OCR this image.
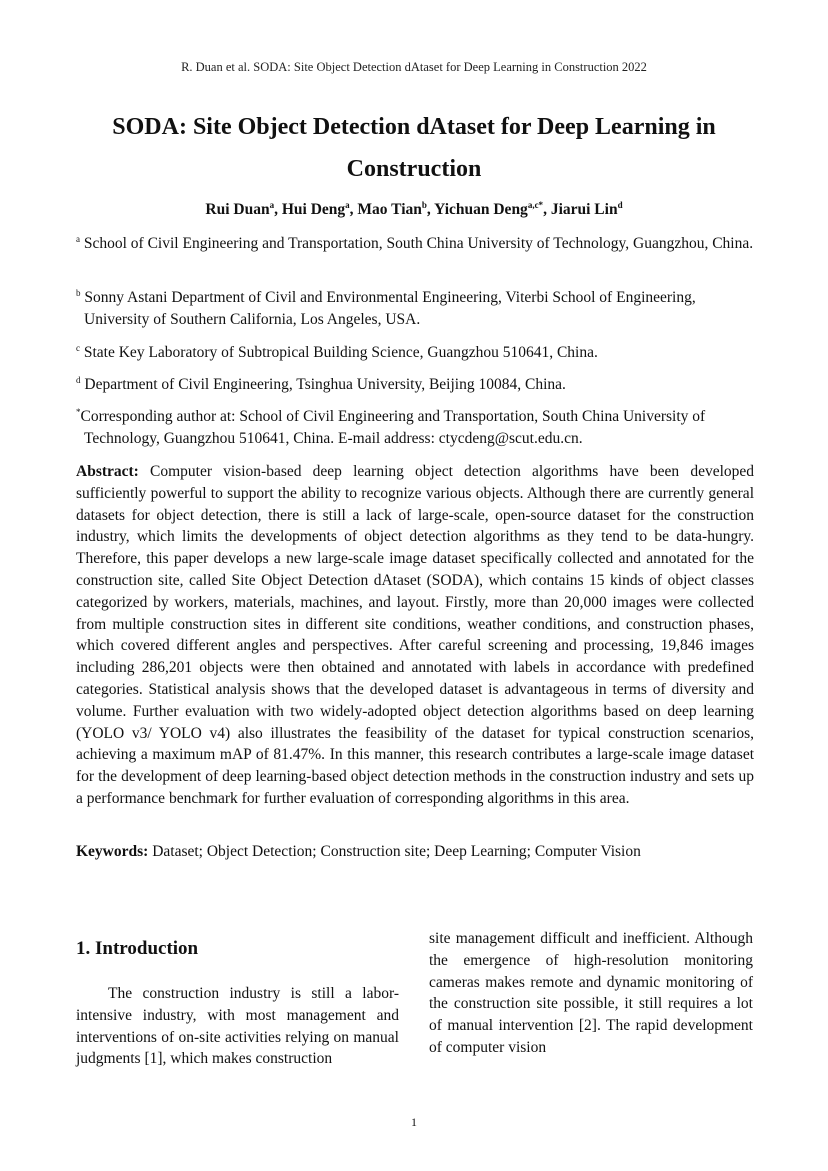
R. Duan et al. SODA: Site Object Detection dAtaset for Deep Learning in Construction 2022
SODA: Site Object Detection dAtaset for Deep Learning in Construction
Rui Duan$^a$, Hui Deng$^a$, Mao Tian$^b$, Yichuan Deng$^{a,c*}$, Jiarui Lin$^d$
$^a$ School of Civil Engineering and Transportation, South China University of Technology, Guangzhou, China.
$^b$ Sonny Astani Department of Civil and Environmental Engineering, Viterbi School of Engineering, University of Southern California, Los Angeles, USA.
$^c$ State Key Laboratory of Subtropical Building Science, Guangzhou 510641, China.
$^d$ Department of Civil Engineering, Tsinghua University, Beijing 10084, China.
*Corresponding author at: School of Civil Engineering and Transportation, South China University of Technology, Guangzhou 510641, China. E-mail address: ctycdeng@scut.edu.cn.

Abstract: Computer vision-based deep learning object detection algorithms have been developed sufficiently powerful to support the ability to recognize various objects. Although there are currently general datasets for object detection, there is still a lack of large-scale, open-source dataset for the construction industry, which limits the developments of object detection algorithms as they tend to be data-hungry. Therefore, this paper develops a new large-scale image dataset specifically collected and annotated for the construction site, called Site Object Detection dAtaset (SODA), which contains 15 kinds of object classes categorized by workers, materials, machines, and layout. Firstly, more than 20,000 images were collected from multiple construction sites in different site conditions, weather conditions, and construction phases, which covered different angles and perspectives. After careful screening and processing, 19,846 images including 286,201 objects were then obtained and annotated with labels in accordance with predefined categories. Statistical analysis shows that the developed dataset is advantageous in terms of diversity and volume. Further evaluation with two widely-adopted object detection algorithms based on deep learning (YOLO v3/ YOLO v4) also illustrates the feasibility of the dataset for typical construction scenarios, achieving a maximum mAP of 81.47%. In this manner, this research contributes a large-scale image dataset for the development of deep learning-based object detection methods in the construction industry and sets up a performance benchmark for further evaluation of corresponding algorithms in this area.

Keywords: Dataset; Object Detection; Construction site; Deep Learning; Computer Vision

1. Introduction

The construction industry is still a labor-intensive industry, with most management and interventions of on-site activities relying on manual judgments [1], which makes construction

site management difficult and inefficient. Although the emergence of high-resolution monitoring cameras makes remote and dynamic monitoring of the construction site possible, it still requires a lot of manual intervention [2]. The rapid development of computer vision

1
